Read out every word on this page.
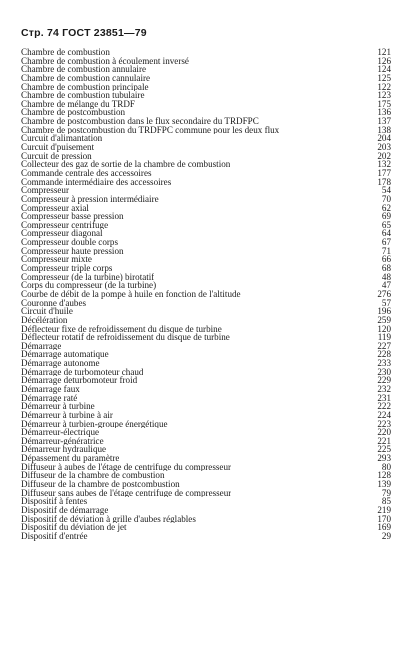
Стр. 74 ГОСТ 23851—79
Chambre de combustion	121
Chambre de combustion à écoulement inversé	126
Chambre de combustion annulaire	124
Chambre de combustion cannulaire	125
Chambre de combustion principale	122
Chambre de combustion tubulaire	123
Chambre de mélange du TRDF	175
Chambre de postcombustion	136
Chambre de postcombustion dans le flux secondaire du TRDFPC	137
Chambre de postcombustion du TRDFPC commune pour les deux flux	138
Curcuit d'alimantation	204
Curcuit d'puisement	203
Curcuit de pression	202
Collecteur des gaz de sortie de la chambre de combustion	132
Commande centrale des accessoires	177
Commande intermédiaire des accessoires	178
Compresseur	54
Compresseur à pression intermédiaire	70
Compresseur axial	62
Compresseur basse pression	69
Compresseur centrifuge	65
Compresseur diagonal	64
Compresseur double corps	67
Compresseur haute pression	71
Compresseur mixte	66
Compresseur triple corps	68
Compresseur (de la turbine) birotatif	48
Corps du compresseur (de la turbine)	47
Courbe de débit de la pompe à huile en fonction de l'altitude	276
Couronne d'aubes	57
Circuit d'huile	196
Décélération	259
Déflecteur fixe de refroidissement du disque de turbine	120
Déflecteur rotatif de refroidissement du disque de turbine	119
Démarrage	227
Démarrage automatique	228
Démarrage autonome	233
Démarrage de turbomoteur chaud	230
Démarrage deturbomoteur froid	229
Démarrage faux	232
Démarrage raté	231
Démarreur à turbine	222
Démarreur à turbine à air	224
Démarreur à turbien-groupe énergétique	223
Démarreur-électrique	220
Démarreur-génératrice	221
Démarreur hydraulique	225
Dépassement du paramètre	293
Diffuseur à aubes de l'étage de centrifuge du compresseur	80
Diffuseur de la chambre de combustion	128
Diffuseur de la chambre de postcombustion	139
Diffuseur sans aubes de l'étage centrifuge de compresseur	79
Dispositif à fentes	85
Dispositif de démarrage	219
Dispositif de déviation à grille d'aubes réglables	170
Dispositif du déviation de jet	169
Dispositif d'entrée	29
